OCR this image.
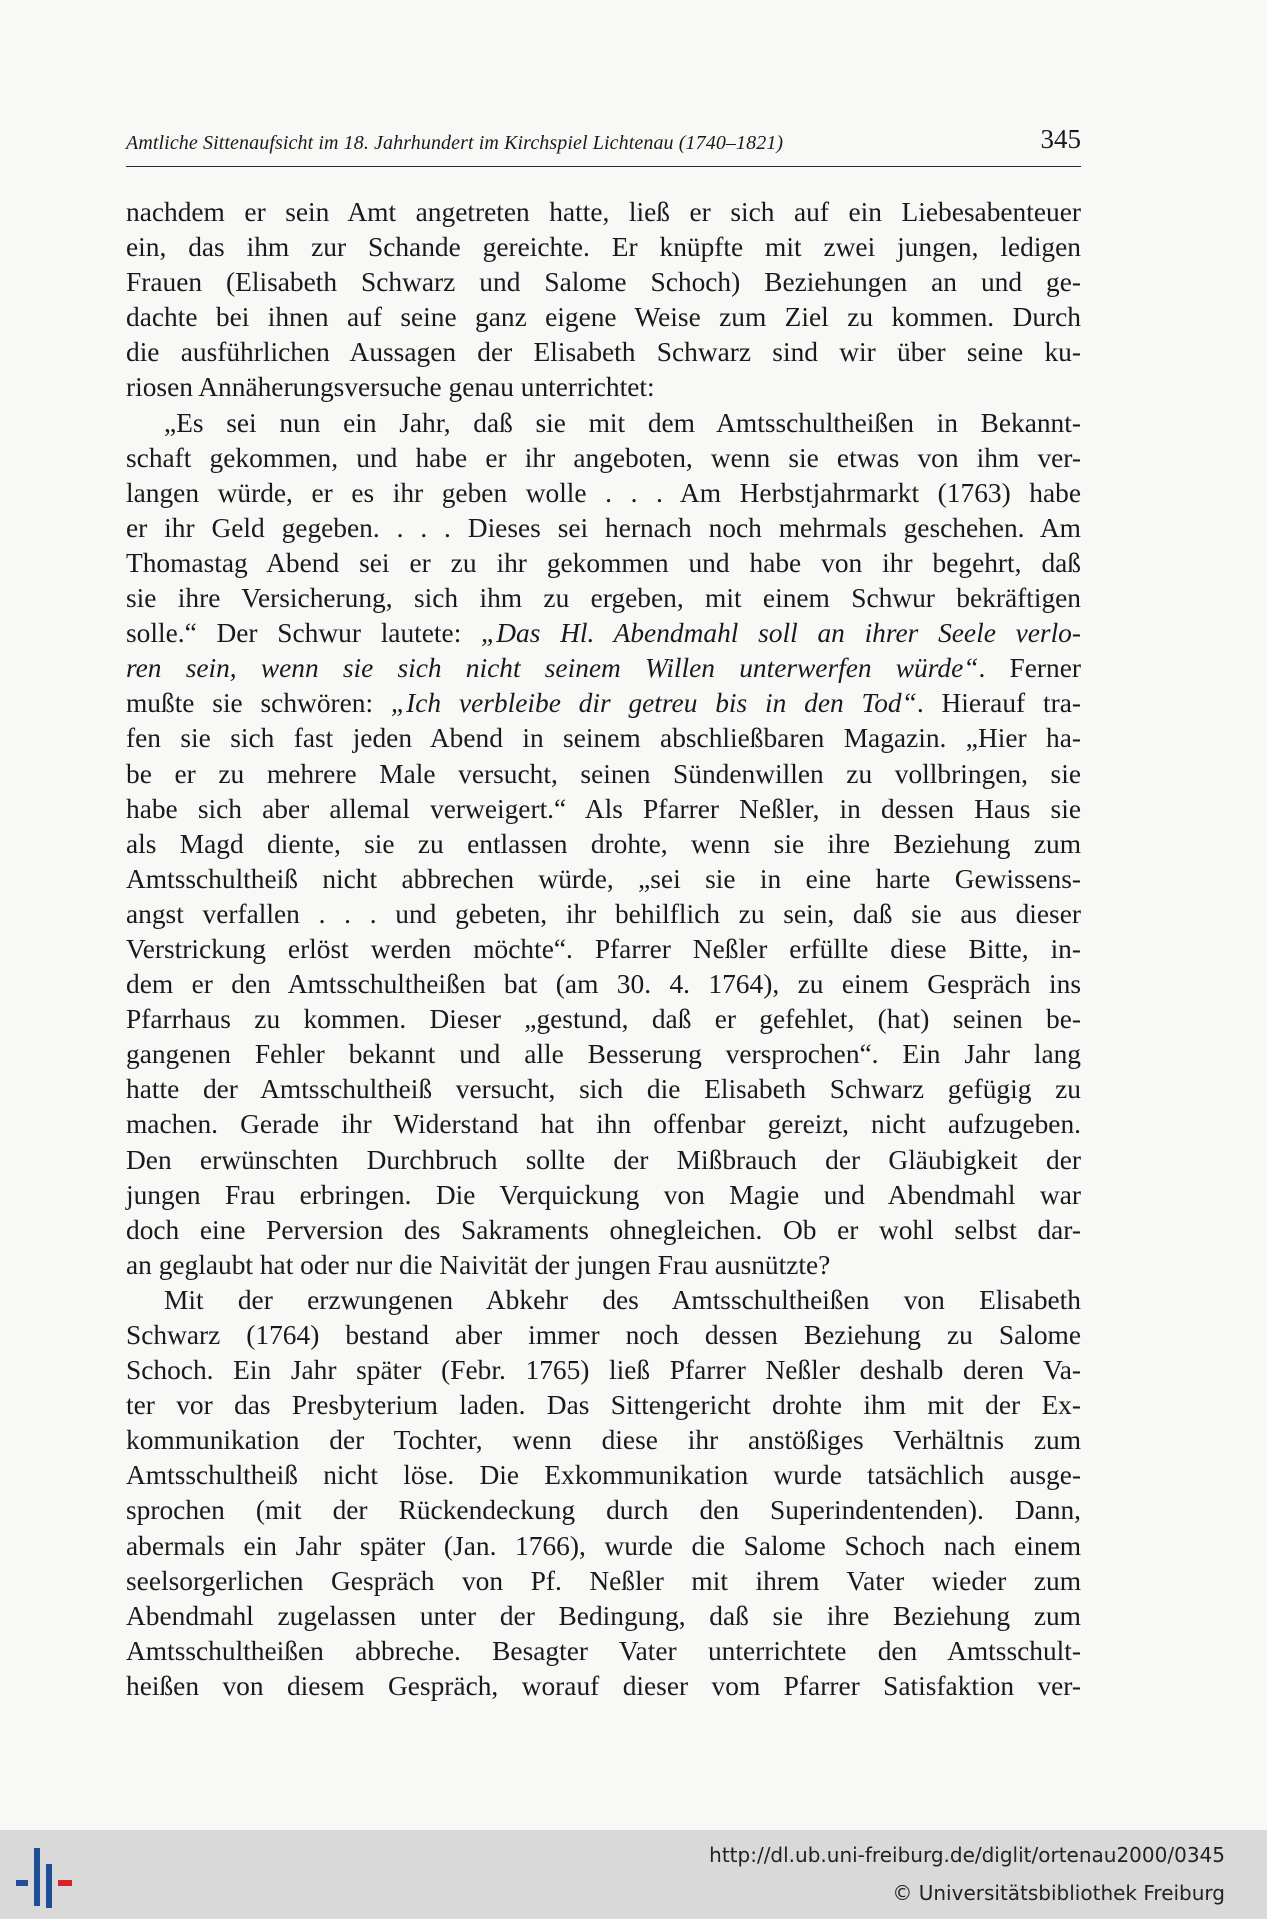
Amtliche Sittenaufsicht im 18. Jahrhundert im Kirchspiel Lichtenau (1740–1821)	345
nachdem er sein Amt angetreten hatte, ließ er sich auf ein Liebesabenteuer
ein, das ihm zur Schande gereichte. Er knüpfte mit zwei jungen, ledigen
Frauen (Elisabeth Schwarz und Salome Schoch) Beziehungen an und ge-
dachte bei ihnen auf seine ganz eigene Weise zum Ziel zu kommen. Durch
die ausführlichen Aussagen der Elisabeth Schwarz sind wir über seine ku-
riosen Annäherungsversuche genau unterrichtet:
„Es sei nun ein Jahr, daß sie mit dem Amtsschultheißen in Bekannt-
schaft gekommen, und habe er ihr angeboten, wenn sie etwas von ihm ver-
langen würde, er es ihr geben wolle . . . Am Herbstjahrmarkt (1763) habe
er ihr Geld gegeben. . . . Dieses sei hernach noch mehrmals geschehen. Am
Thomastag Abend sei er zu ihr gekommen und habe von ihr begehrt, daß
sie ihre Versicherung, sich ihm zu ergeben, mit einem Schwur bekräftigen
solle.“ Der Schwur lautete: „Das Hl. Abendmahl soll an ihrer Seele verlo-
ren sein, wenn sie sich nicht seinem Willen unterwerfen würde“. Ferner
mußte sie schwören: „Ich verbleibe dir getreu bis in den Tod“. Hierauf tra-
fen sie sich fast jeden Abend in seinem abschließbaren Magazin. „Hier ha-
be er zu mehrere Male versucht, seinen Sündenwillen zu vollbringen, sie
habe sich aber allemal verweigert.“ Als Pfarrer Neßler, in dessen Haus sie
als Magd diente, sie zu entlassen drohte, wenn sie ihre Beziehung zum
Amtsschultheiß nicht abbrechen würde, „sei sie in eine harte Gewissens-
angst verfallen . . . und gebeten, ihr behilflich zu sein, daß sie aus dieser
Verstrickung erlöst werden möchte“. Pfarrer Neßler erfüllte diese Bitte, in-
dem er den Amtsschultheißen bat (am 30. 4. 1764), zu einem Gespräch ins
Pfarrhaus zu kommen. Dieser „gestund, daß er gefehlet, (hat) seinen be-
gangenen Fehler bekannt und alle Besserung versprochen“. Ein Jahr lang
hatte der Amtsschultheiß versucht, sich die Elisabeth Schwarz gefügig zu
machen. Gerade ihr Widerstand hat ihn offenbar gereizt, nicht aufzugeben.
Den erwünschten Durchbruch sollte der Mißbrauch der Gläubigkeit der
jungen Frau erbringen. Die Verquickung von Magie und Abendmahl war
doch eine Perversion des Sakraments ohnegleichen. Ob er wohl selbst dar-
an geglaubt hat oder nur die Naivität der jungen Frau ausnützte?
Mit der erzwungenen Abkehr des Amtsschultheißen von Elisabeth
Schwarz (1764) bestand aber immer noch dessen Beziehung zu Salome
Schoch. Ein Jahr später (Febr. 1765) ließ Pfarrer Neßler deshalb deren Va-
ter vor das Presbyterium laden. Das Sittengericht drohte ihm mit der Ex-
kommunikation der Tochter, wenn diese ihr anstößiges Verhältnis zum
Amtsschultheiß nicht löse. Die Exkommunikation wurde tatsächlich ausge-
sprochen (mit der Rückendeckung durch den Superindentenden). Dann,
abermals ein Jahr später (Jan. 1766), wurde die Salome Schoch nach einem
seelsorgerlichen Gespräch von Pf. Neßler mit ihrem Vater wieder zum
Abendmahl zugelassen unter der Bedingung, daß sie ihre Beziehung zum
Amtsschultheißen abbreche. Besagter Vater unterrichtete den Amtsschult-
heißen von diesem Gespräch, worauf dieser vom Pfarrer Satisfaktion ver-
http://dl.ub.uni-freiburg.de/diglit/ortenau2000/0345
© Universitätsbibliothek Freiburg
